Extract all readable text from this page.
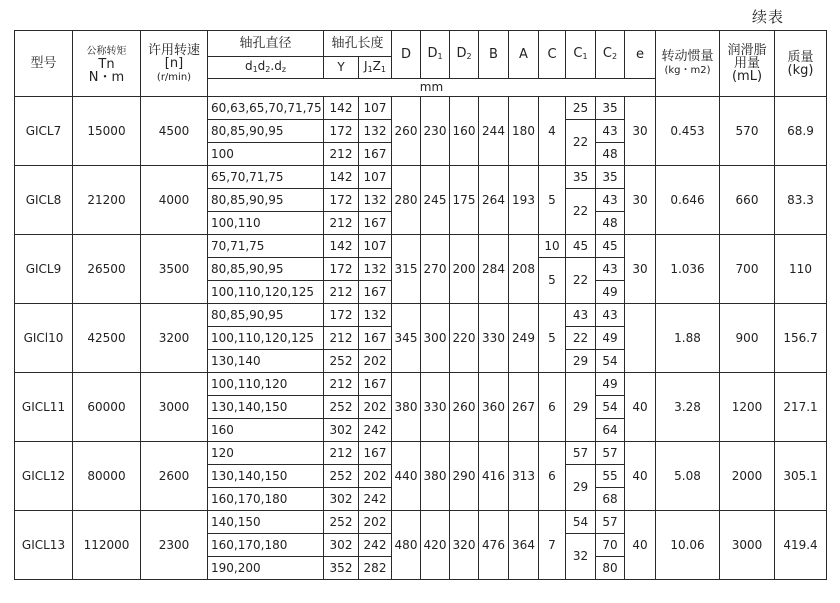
续表
型号	公称转矩
Tn
N・m	许用转速
[n]
(r/min)	轴孔直径	轴孔长度		D	$D_1$	$D_2$	B	A	C	$C_1$	$C_2$	e	转动惯量
(kg・m2)	润滑脂
用量
(mL)	质量
(kg)
			$d_1d_2.d_z$	Y	$J_1Z_1$
			mm														
GICL7	15000	4500	60,63,65,70,71,75	142	107	260	230	160	244	180	4	25	35	30	0.453	570	68.9
			80,85,90,95	172	132							22	43				
			100	212	167								48				
GICL8	21200	4000	65,70,71,75	142	107	280	245	175	264	193	5	35	35	30	0.646	660	83.3
			80,85,90,95	172	132							22	43				
			100,110	212	167								48				
GICL9	26500	3500	70,71,75	142	107	315	270	200	284	208	10	45	45	30	1.036	700	110
			80,85,90,95	172	132						5	22	43				
			100,110,120,125	212	167								49				
GICl10	42500	3200	80,85,90,95	172	132	345	300	220	330	249	5	43	43		1.88	900	156.7
			100,110,120,125	212	167							22	49				
			130,140	252	202							29	54				
GICL11	60000	3000	100,110,120	212	167	380	330	260	360	267	6	29	49	40	3.28	1200	217.1
			130,140,150	252	202								54				
			160	302	242								64				
GICL12	80000	2600	120	212	167	440	380	290	416	313	6	57	57	40	5.08	2000	305.1
			130,140,150	252	202							29	55				
			160,170,180	302	242								68				
GICL13	112000	2300	140,150	252	202	480	420	320	476	364	7	54	57	40	10.06	3000	419.4
			160,170,180	302	242							32	70				
			190,200	352	282								80				
